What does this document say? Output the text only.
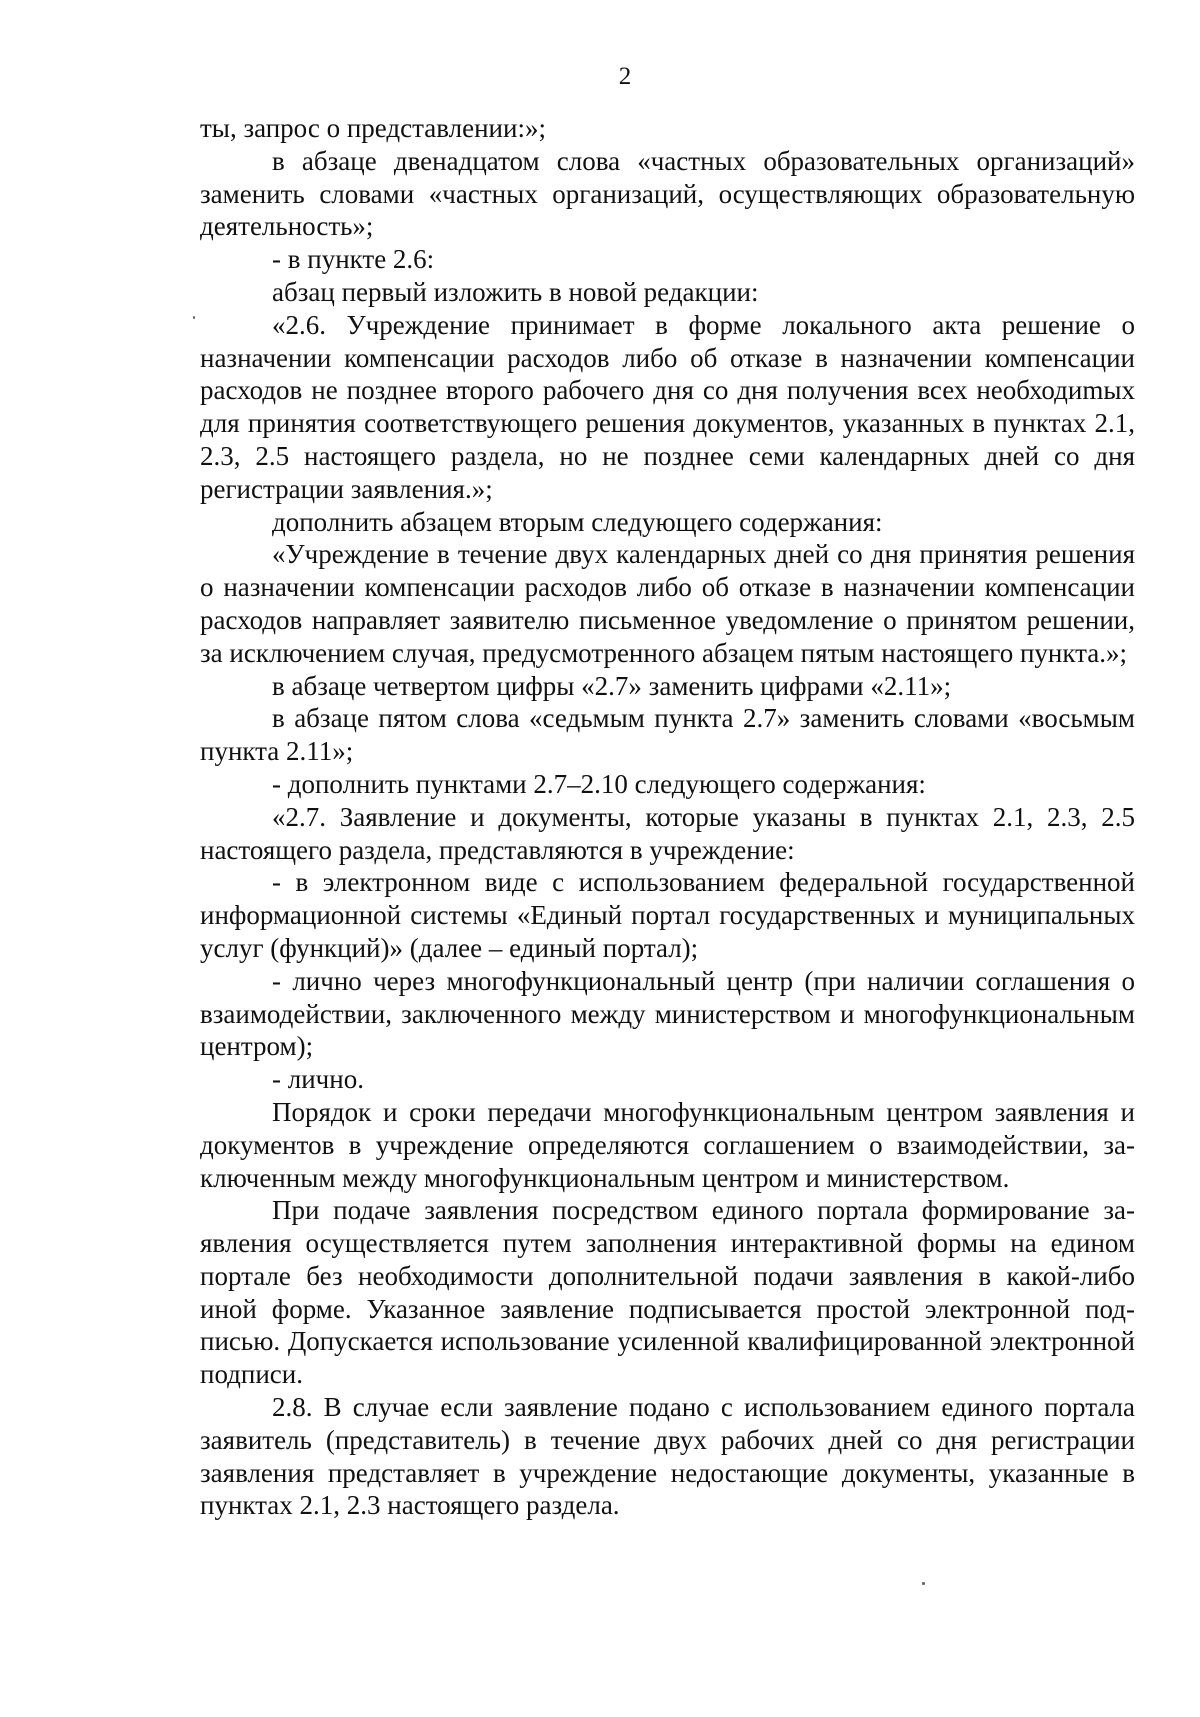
2

ты, запрос о представлении:»;

в абзаце двенадцатом слова «частных образовательных организаций» заменить словами «частных организаций, осуществляющих образовательную деятельность»;

- в пункте 2.6:

абзац первый изложить в новой редакции:

«2.6. Учреждение принимает в форме локального акта решение о назначении компенсации расходов либо об отказе в назначении компенсации расходов не позднее второго рабочего дня со дня получения всех необходиmых для принятия соответствующего решения документов, указанных в пунктах 2.1, 2.3, 2.5 настоящего раздела, но не позднее семи календарных дней со дня регистрации заявления.»;

дополнить абзацем вторым следующего содержания:

«Учреждение в течение двух календарных дней со дня принятия решения о назначении компенсации расходов либо об отказе в назначении компенсации расходов направляет заявителю письменное уведомление о принятом решении, за исключением случая, предусмотренного абзацем пятым настоящего пункта.»;

в абзаце четвертом цифры «2.7» заменить цифрами «2.11»;

в абзаце пятом слова «седьмым пункта 2.7» заменить словами «восьмым пункта 2.11»;

- дополнить пунктами 2.7–2.10 следующего содержания:

«2.7. Заявление и документы, которые указаны в пунктах 2.1, 2.3, 2.5 настоящего раздела, представляются в учреждение:

- в электронном виде с использованием федеральной государственной информационной системы «Единый портал государственных и муниципальных услуг (функций)» (далее – единый портал);

- лично через многофункциональный центр (при наличии соглашения о взаимодействии, заключенного между министерством и многофункциональным центром);

- лично.

Порядок и сроки передачи многофункциональным центром заявления и документов в учреждение определяются соглашением о взаимодействии, заключенным между многофункциональным центром и министерством.

При подаче заявления посредством единого портала формирование заявления осуществляется путем заполнения интерактивной формы на едином портале без необходимости дополнительной подачи заявления в какой-либо иной форме. Указанное заявление подписывается простой электронной подписью. Допускается использование усиленной квалифицированной электронной подписи.

2.8. В случае если заявление подано с использованием единого портала заявитель (представитель) в течение двух рабочих дней со дня регистрации заявления представляет в учреждение недостающие документы, указанные в пунктах 2.1, 2.3 настоящего раздела.
